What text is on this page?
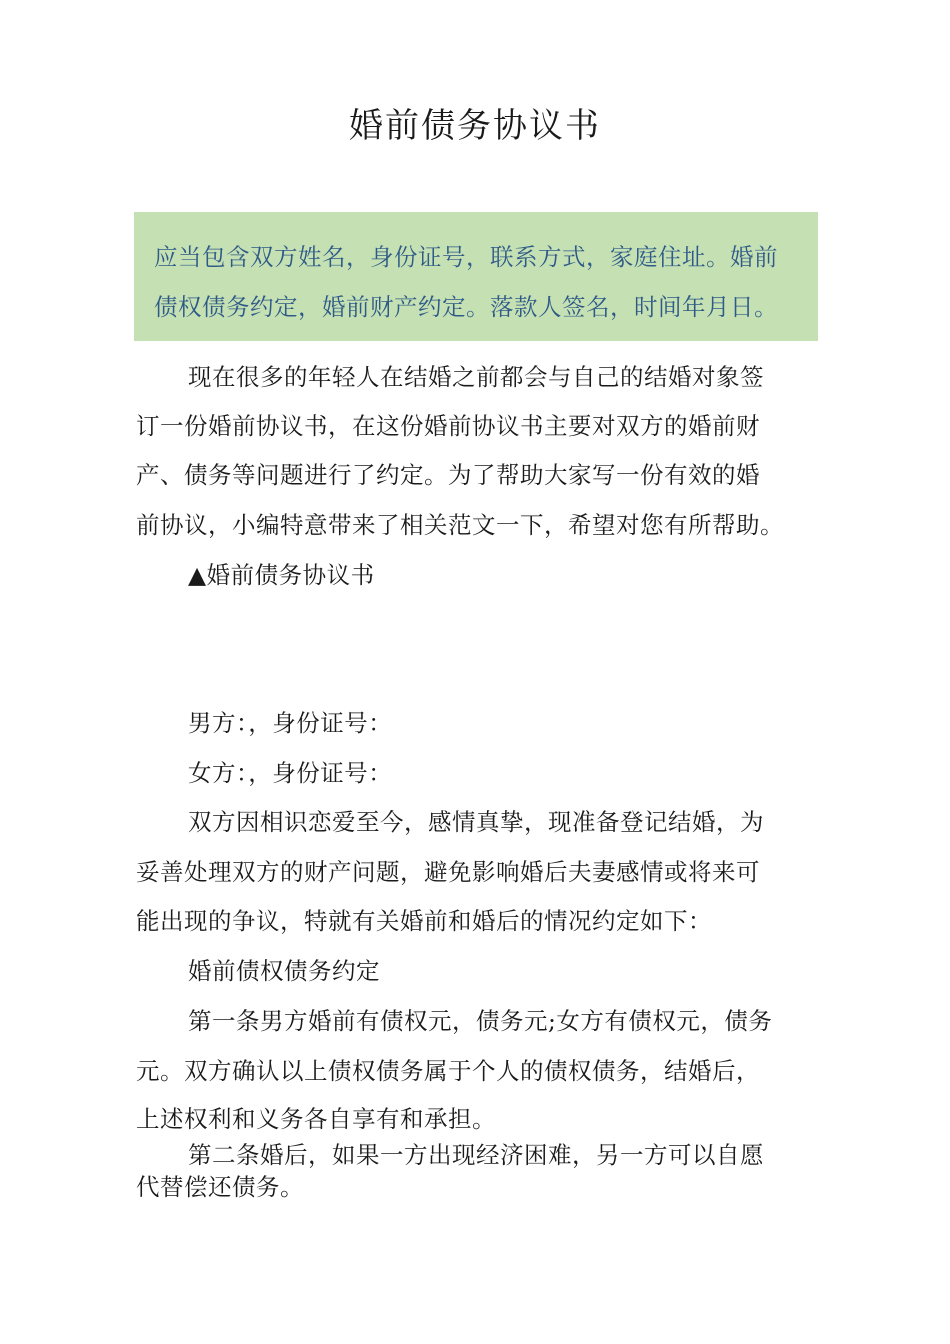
婚前债务协议书
应当包含双方姓名，身份证号，联系方式，家庭住址。婚前
债权债务约定，婚前财产约定。落款人签名，时间年月日。

现在很多的年轻人在结婚之前都会与自己的结婚对象签

订一份婚前协议书，在这份婚前协议书主要对双方的婚前财

产、债务等问题进行了约定。为了帮助大家写一份有效的婚

前协议，小编特意带来了相关范文一下，希望对您有所帮助。

▲婚前债务协议书

男方：，身份证号：

女方：，身份证号：

双方因相识恋爱至今，感情真挚，现准备登记结婚，为

妥善处理双方的财产问题，避免影响婚后夫妻感情或将来可

能出现的争议，特就有关婚前和婚后的情况约定如下：

婚前债权债务约定

第一条男方婚前有债权元，债务元;女方有债权元，债务

元。双方确认以上债权债务属于个人的债权债务，结婚后，

上述权利和义务各自享有和承担。

第二条婚后，如果一方出现经济困难，另一方可以自愿

代替偿还债务。
